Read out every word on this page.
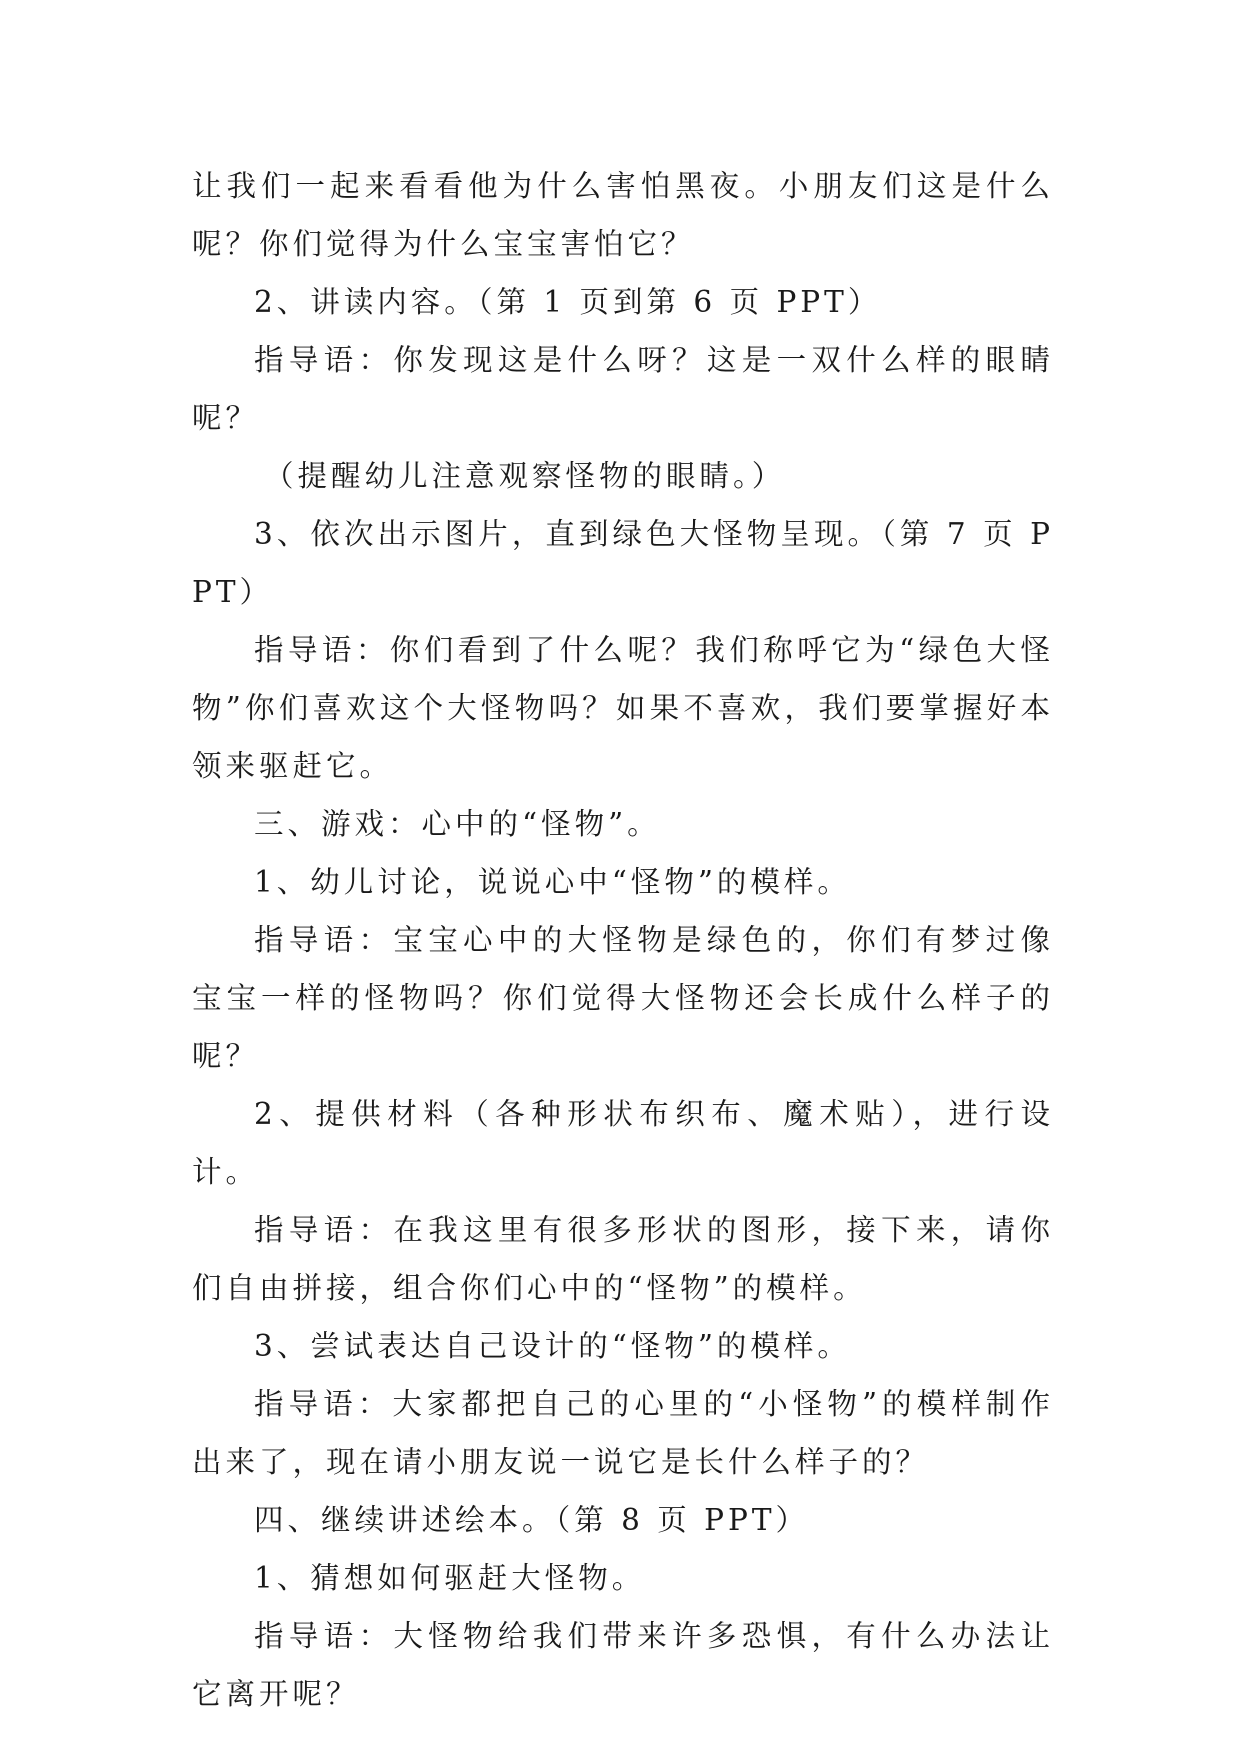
让我们一起来看看他为什么害怕黑夜。小朋友们这是什么呢？你们觉得为什么宝宝害怕它？

2、讲读内容。（第 1 页到第 6 页 PPT）

指导语：你发现这是什么呀？这是一双什么样的眼睛呢？

（提醒幼儿注意观察怪物的眼睛。）

3、依次出示图片，直到绿色大怪物呈现。（第 7 页 PPT）

指导语：你们看到了什么呢？我们称呼它为“绿色大怪物”你们喜欢这个大怪物吗？如果不喜欢，我们要掌握好本领来驱赶它。

三、游戏：心中的“怪物”。

1、幼儿讨论，说说心中“怪物”的模样。

指导语：宝宝心中的大怪物是绿色的，你们有梦过像宝宝一样的怪物吗？你们觉得大怪物还会长成什么样子的呢？

2、提供材料（各种形状布织布、魔术贴），进行设计。

指导语：在我这里有很多形状的图形，接下来，请你们自由拼接，组合你们心中的“怪物”的模样。

3、尝试表达自己设计的“怪物”的模样。

指导语：大家都把自己的心里的“小怪物”的模样制作出来了，现在请小朋友说一说它是长什么样子的？

四、继续讲述绘本。（第 8 页 PPT）

1、猜想如何驱赶大怪物。

指导语：大怪物给我们带来许多恐惧，有什么办法让它离开呢？
